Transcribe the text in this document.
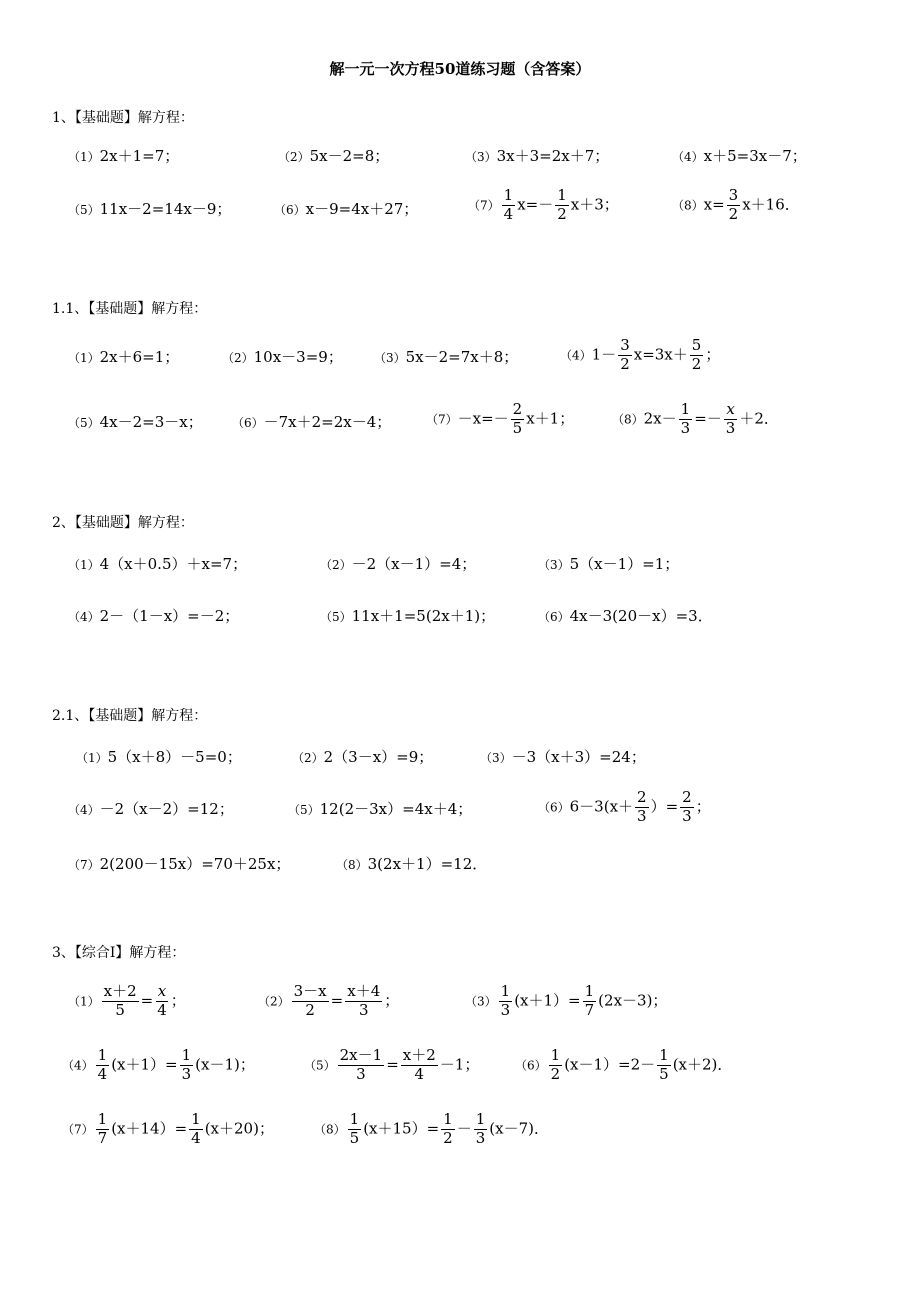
解一元一次方程50道练习题（含答案）
1、【基础题】解方程：
（1）2x＋1=7；	（2）5x－2=8；	（3）3x＋3=2x＋7；	（4）x＋5=3x－7；
（5）11x－2=14x－9；	（6）x－9=4x＋27；	$(7) \frac{1}{4} x=- \frac{1}{2} x+3$；	$(8)x= \frac{3}{2} x+16$．
1.1、【基础题】解方程：
（1）2x＋6=1；	（2）10x－3=9；	（3）5x－2=7x＋8；	$(4)1- \frac{3}{2} x=3x+ \frac{5}{2}$ ；
（5）4x－2=3－x； （6）－7x＋2=2x－4；	$(7)-x=- \frac{2}{5} x+1$；	$(8)2x- \frac{1}{3} =- \frac{x}{3} +2$．
2、【基础题】解方程：
（1）4（x＋0.5）＋x=7；	（2）－2（x－1）=4；	（3）5（x－1）=1；
（4）2－（1－x）=－2；	（5）11x＋1=5(2x＋1)；	（6）4x－3(20－x）=3．
2.1、【基础题】解方程：
（1）5（x＋8）－5=0；	（2）2（3－x）=9；	（3）－3（x＋3）=24；
（4）－2（x－2）=12；	（5）12(2－3x）=4x＋4；	$(6)6-3(x+ \frac{2}{3}$ ）= $\frac{2}{3}$ ；
（7）2(200－15x）=70＋25x；	（8）3(2x＋1）=12．
3、【综合Ⅰ】解方程：
$(1) \frac{x+2}{5} = \frac{x}{4}$ ；	$(2) \frac{3-x}{2} = \frac{x+4}{3}$ ；	$(3) \frac{1}{3} (x+1)= \frac{1}{7} (2x-3)$；
$(4) \frac{1}{4} (x+1)= \frac{1}{3} (x-1)$；	$(5) \frac{2x-1}{3} = \frac{x+2}{4} -1$；	$(6) \frac{1}{2} (x-1)=2- \frac{1}{5} (x+2)$．
$(7) \frac{1}{7} (x+14)= \frac{1}{4} (x+20)$；	$(8) \frac{1}{5} (x+15)= \frac{1}{2} - \frac{1}{3} (x-7)$．
